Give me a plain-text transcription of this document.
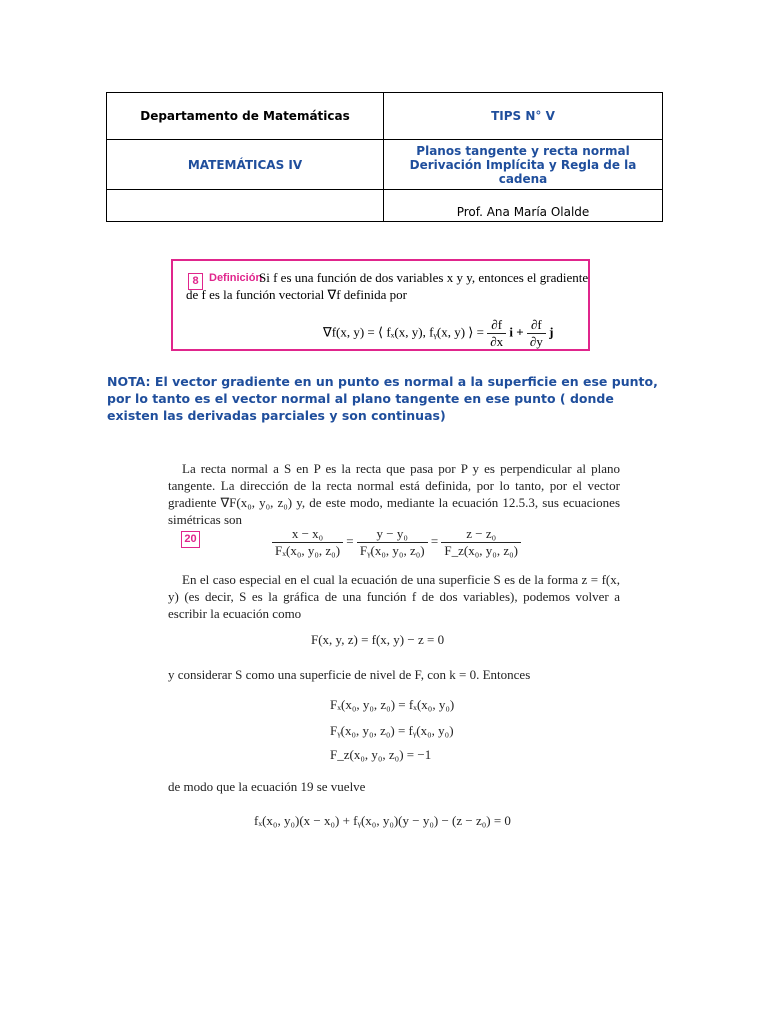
Departamento de Matemáticas	TIPS N° V
MATEMÁTICAS IV	Planos tangente y recta normal
Derivación Implícita y Regla de la cadena

	Prof. Ana María Olalde
8 Definición
Si f es una función de dos variables x y y, entonces el gradiente
de f es la función vectorial ∇f definida por
∇f(x, y) = ⟨ fₓ(x, y), fᵧ(x, y) ⟩ = $\frac{\partial f}{\partial x}$ $i + \frac{\partial f}{\partial y}$ j
NOTA: El vector gradiente en un punto es normal a la superficie en ese punto, por lo tanto es el vector normal al plano tangente en ese punto ( donde existen las derivadas parciales y son continuas)
La recta normal a S en P es la recta que pasa por P y es perpendicular al plano tangente. La dirección de la recta normal está definida, por lo tanto, por el vector gradiente ∇F(x₀, y₀, z₀) y, de este modo, mediante la ecuación 12.5.3, sus ecuaciones simétricas son
20	$\frac{\text{x − x₀}}{\text{Fₓ(x₀, y₀, z₀)}} = \frac{\text{y − y₀}}{\text{Fᵧ(x₀, y₀, z₀)}} = \frac{\text{z − z₀}}{\text{F\_z(x₀, y₀, z₀)}}$
En el caso especial en el cual la ecuación de una superficie S es de la forma z = f(x, y) (es decir, S es la gráfica de una función f de dos variables), podemos volver a escribir la ecuación como
F(x, y, z) = f(x, y) − z = 0
y considerar S como una superficie de nivel de F, con k = 0. Entonces
Fₓ(x₀, y₀, z₀) = fₓ(x₀, y₀)
Fᵧ(x₀, y₀, z₀) = fᵧ(x₀, y₀)
F_z(x₀, y₀, z₀) = −1
de modo que la ecuación 19 se vuelve
fₓ(x₀, y₀)(x − x₀) + fᵧ(x₀, y₀)(y − y₀) − (z − z₀) = 0
